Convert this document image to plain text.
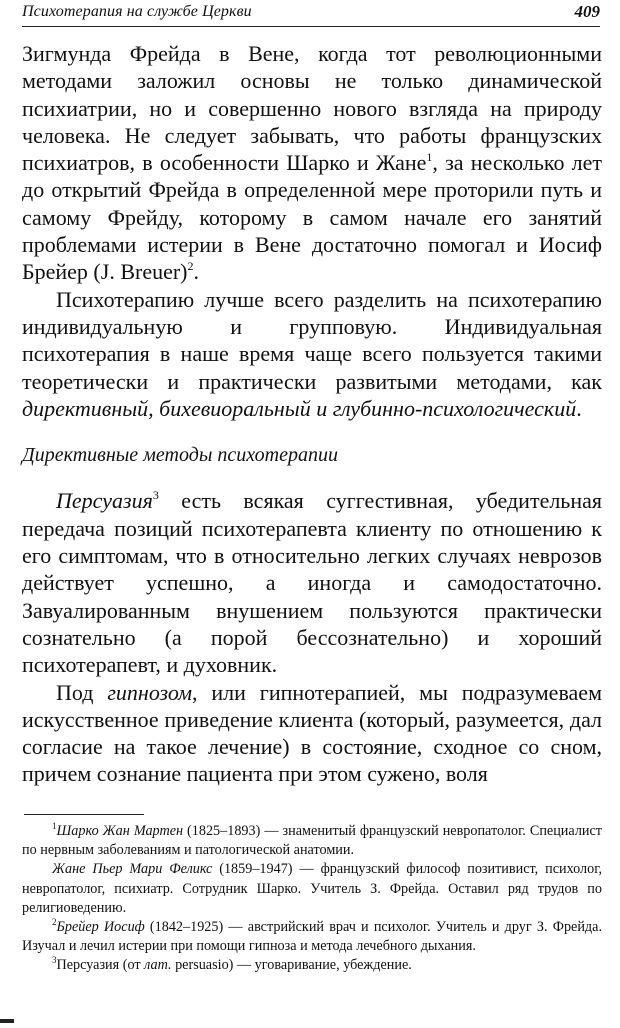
Психотерапия на службе Церкви	409

Зигмунда Фрейда в Вене, когда тот революционными методами заложил основы не только динамической психиатрии, но и совершенно нового взгляда на природу человека. Не следует забывать, что работы французских психиатров, в особенности Шарко и Жане$^1$, за несколько лет до открытий Фрейда в определенной мере проторили путь и самому Фрейду, которому в самом начале его занятий проблемами истерии в Вене достаточно помогал и Иосиф Брейер (J. Breuer)$^2$.

Психотерапию лучше всего разделить на психотерапию индивидуальную и групповую. Индивидуальная психотерапия в наше время чаще всего пользуется такими теоретически и практически развитыми методами, как директивный, бихевиоральный и глубинно-психологический.

Директивные методы психотерапии

Персуазия$^3$ есть всякая суггестивная, убедительная передача позиций психотерапевта клиенту по отношению к его симптомам, что в относительно легких случаях неврозов действует успешно, а иногда и самодостаточно. Завуалированным внушением пользуются практически сознательно (а порой бессознательно) и хороший психотерапевт, и духовник.

Под гипнозом, или гипнотерапией, мы подразумеваем искусственное приведение клиента (который, разумеется, дал согласие на такое лечение) в состояние, сходное со сном, причем сознание пациента при этом сужено, воля

$^1$Шарко Жан Мартен (1825–1893) — знаменитый французский невропатолог. Специалист по нервным заболеваниям и патологической анатомии.

Жане Пьер Мари Феликс (1859–1947) — французский философ позитивист, психолог, невропатолог, психиатр. Сотрудник Шарко. Учитель З. Фрейда. Оставил ряд трудов по религиоведению.

$^2$Брейер Иосиф (1842–1925) — австрийский врач и психолог. Учитель и друг З. Фрейда. Изучал и лечил истерии при помощи гипноза и метода лечебного дыхания.

$^3$Персуазия (от лат. persuasio) — уговаривание, убеждение.
